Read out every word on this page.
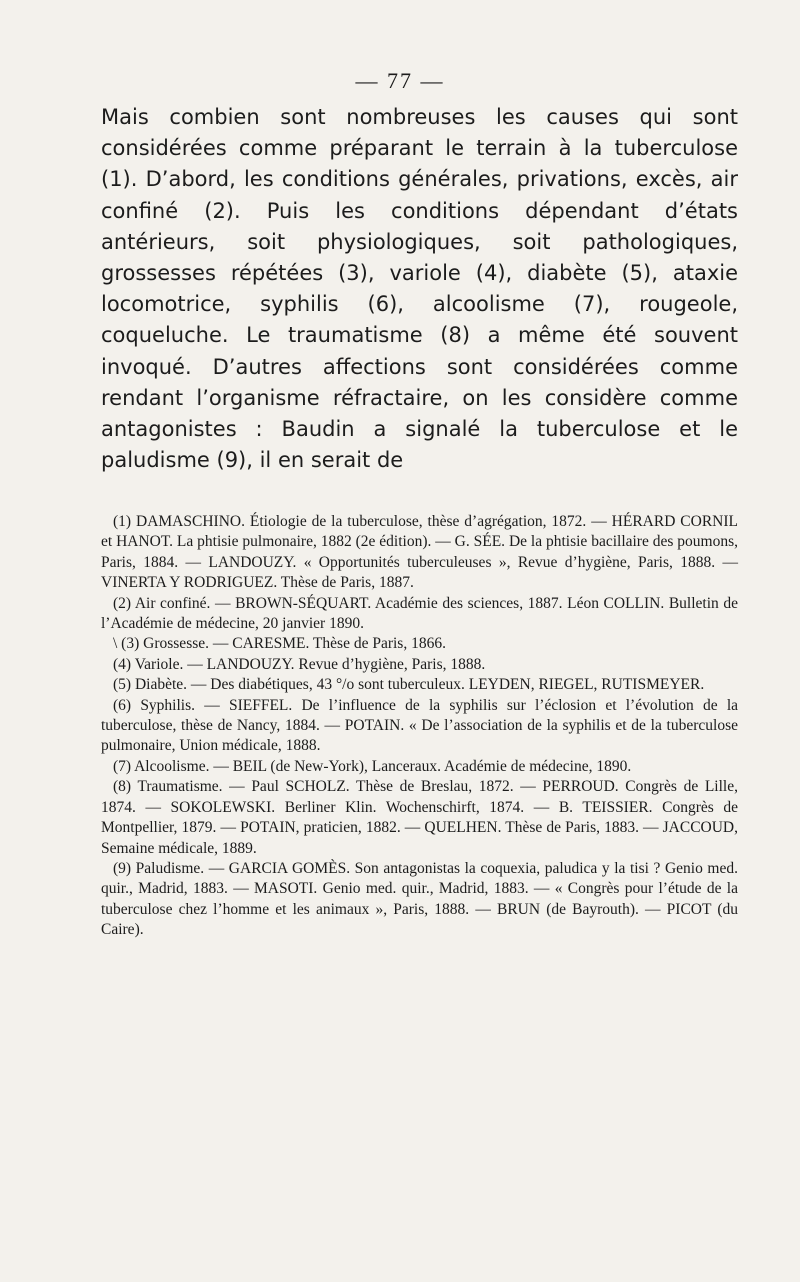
— 77 —

Mais combien sont nombreuses les causes qui sont considérées comme préparant le terrain à la tuberculose (1). D’abord, les conditions générales, privations, excès, air confiné (2). Puis les conditions dépendant d’états antérieurs, soit physiologiques, soit pathologiques, grossesses répétées (3), variole (4), diabète (5), ataxie locomotrice, syphilis (6), alcoolisme (7), rougeole, coqueluche. Le traumatisme (8) a même été souvent invoqué. D’autres affections sont considérées comme rendant l’organisme réfractaire, on les considère comme antagonistes : Baudin a signalé la tuberculose et le paludisme (9), il en serait de

(1) DAMASCHINO. Étiologie de la tuberculose, thèse d’agrégation, 1872. — HÉRARD CORNIL et HANOT. La phtisie pulmonaire, 1882 (2e édition). — G. SÉE. De la phtisie bacillaire des poumons, Paris, 1884. — LANDOUZY. « Opportunités tuberculeuses », Revue d’hygiène, Paris, 1888. — VINERTA Y RODRIGUEZ. Thèse de Paris, 1887.

(2) Air confiné. — BROWN-SÉQUART. Académie des sciences, 1887. Léon COLLIN. Bulletin de l’Académie de médecine, 20 janvier 1890.

\ (3) Grossesse. — CARESME. Thèse de Paris, 1866.

(4) Variole. — LANDOUZY. Revue d’hygiène, Paris, 1888.

(5) Diabète. — Des diabétiques, 43 °/o sont tuberculeux. LEYDEN, RIEGEL, RUTISMEYER.

(6) Syphilis. — SIEFFEL. De l’influence de la syphilis sur l’éclosion et l’évolution de la tuberculose, thèse de Nancy, 1884. — POTAIN. « De l’association de la syphilis et de la tuberculose pulmonaire, Union médicale, 1888.

(7) Alcoolisme. — BEIL (de New-York), Lanceraux. Académie de médecine, 1890.

(8) Traumatisme. — Paul SCHOLZ. Thèse de Breslau, 1872. — PERROUD. Congrès de Lille, 1874. — SOKOLEWSKI. Berliner Klin. Wochenschirft, 1874. — B. TEISSIER. Congrès de Montpellier, 1879. — POTAIN, praticien, 1882. — QUELHEN. Thèse de Paris, 1883. — JACCOUD, Semaine médicale, 1889.

(9) Paludisme. — GARCIA GOMÈS. Son antagonistas la coquexia, paludica y la tisi ? Genio med. quir., Madrid, 1883. — MASOTI. Genio med. quir., Madrid, 1883. — « Congrès pour l’étude de la tuberculose chez l’homme et les animaux », Paris, 1888. — BRUN (de Bayrouth). — PICOT (du Caire).
